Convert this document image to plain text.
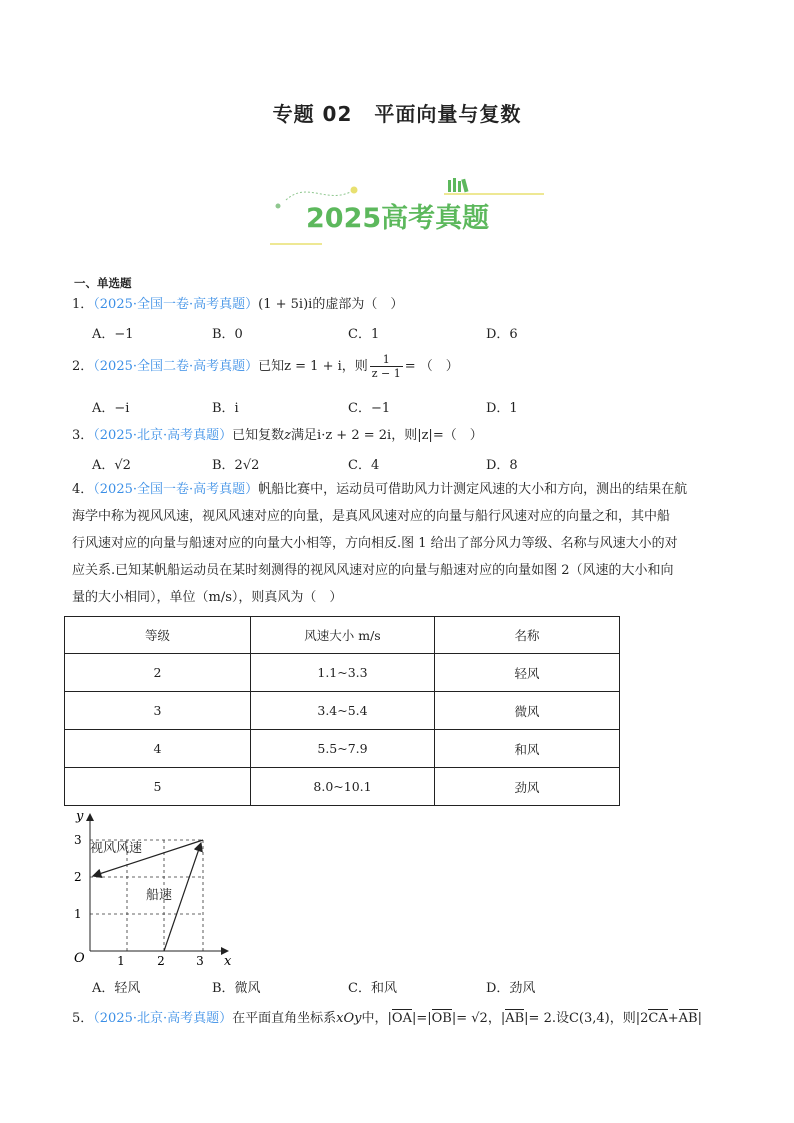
专题 02 平面向量与复数
2025高考真题
一、单选题
1．（2025·全国一卷·高考真题）(1 + 5i)i的虚部为（　）
A．−1	B．0	C．1	D．6
2．（2025·全国二卷·高考真题）已知z = 1 + i，则 $\frac{1}{z - 1}$ = （　）
A．−i	B．i	C．−1	D．1
3．（2025·北京·高考真题）已知复数z满足i·z + 2 = 2i，则|z|=（　）
A．√2	B．2√2	C．4	D．8
4．（2025·全国一卷·高考真题）帆船比赛中，运动员可借助风力计测定风速的大小和方向，测出的结果在航
海学中称为视风风速，视风风速对应的向量，是真风风速对应的向量与船行风速对应的向量之和，其中船
行风速对应的向量与船速对应的向量大小相等，方向相反.图 1 给出了部分风力等级、名称与风速大小的对
应关系.已知某帆船运动员在某时刻测得的视风风速对应的向量与船速对应的向量如图 2（风速的大小和向
量的大小相同），单位（m/s），则真风为（　）
等级	风速大小 m/s	名称
2	1.1~3.3	轻风
3	3.4~5.4	微风
4	5.5~7.9	和风
5	8.0~10.1	劲风
O	x
y
1	2	3
1
2
3
视风风速
船速
A．轻风	B．微风	C．和风	D．劲风
5．（2025·北京·高考真题）在平面直角坐标系xOy中，|OA|=|OB|= √2，|AB|= 2.设C(3,4)，则|2CA+AB|
